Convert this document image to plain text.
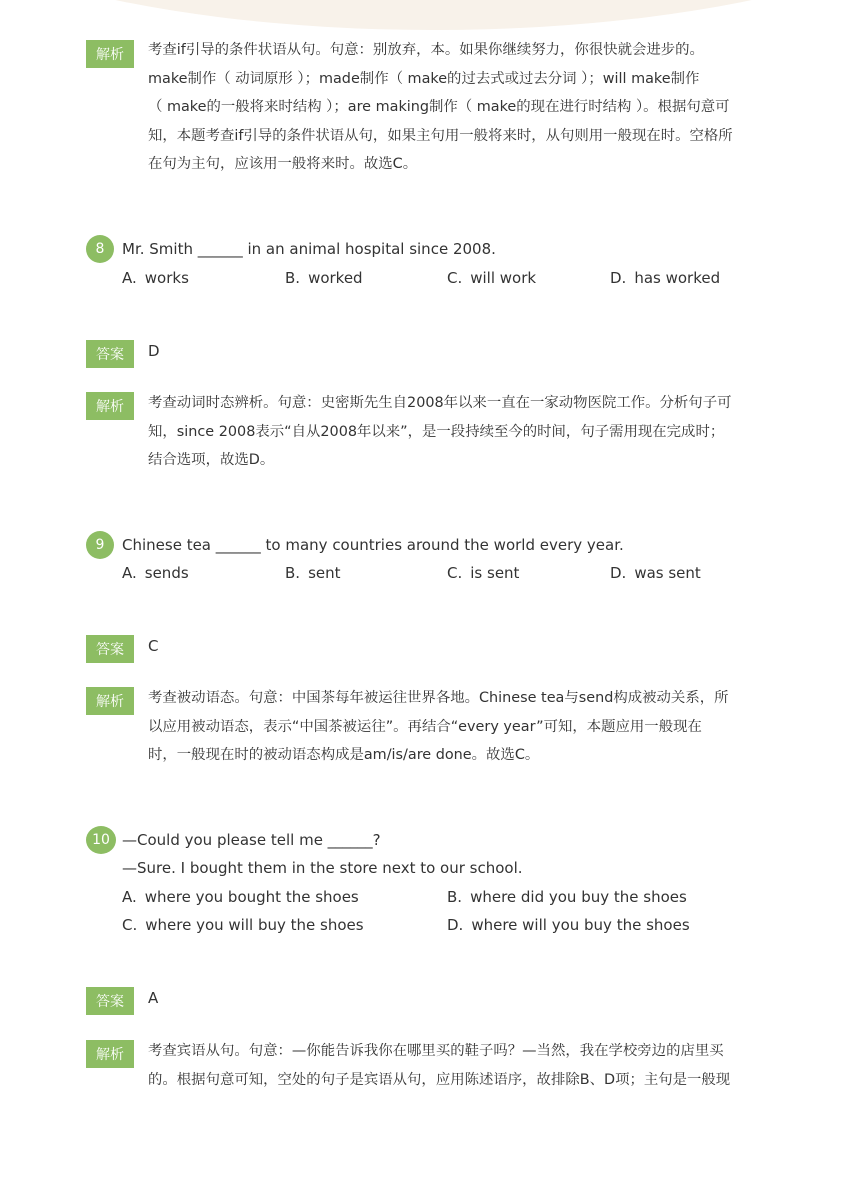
解析	考查if引导的条件状语从句。句意：别放弃，本。如果你继续努力，你很快就会进步的。
make制作（ 动词原形 ）；made制作（ make的过去式或过去分词 ）；will make制作
（ make的一般将来时结构 ）；are making制作（ make的现在进行时结构 ）。根据句意可
知，本题考查if引导的条件状语从句，如果主句用一般将来时，从句则用一般现在时。空格所
在句为主句，应该用一般将来时。故选C。
8	Mr. Smith ______ in an animal hospital since 2008.
A. works	B. worked	C. will work	D. has worked
答案	D
解析	考查动词时态辨析。句意：史密斯先生自2008年以来一直在一家动物医院工作。分析句子可
知，since 2008表示“自从2008年以来”，是一段持续至今的时间，句子需用现在完成时；
结合选项，故选D。
9	Chinese tea ______ to many countries around the world every year.
A. sends	B. sent	C. is sent	D. was sent
答案	C
解析	考查被动语态。句意：中国茶每年被运往世界各地。Chinese tea与send构成被动关系，所
以应用被动语态，表示“中国茶被运往”。再结合“every year”可知，本题应用一般现在
时，一般现在时的被动语态构成是am/is/are done。故选C。
10 —Could you please tell me ______?
—Sure. I bought them in the store next to our school.
A. where you bought the shoes	B. where did you buy the shoes
C. where you will buy the shoes	D. where will you buy the shoes
答案	A
解析	考查宾语从句。句意：—你能告诉我你在哪里买的鞋子吗？—当然，我在学校旁边的店里买
的。根据句意可知，空处的句子是宾语从句，应用陈述语序，故排除B、D项；主句是一般现
